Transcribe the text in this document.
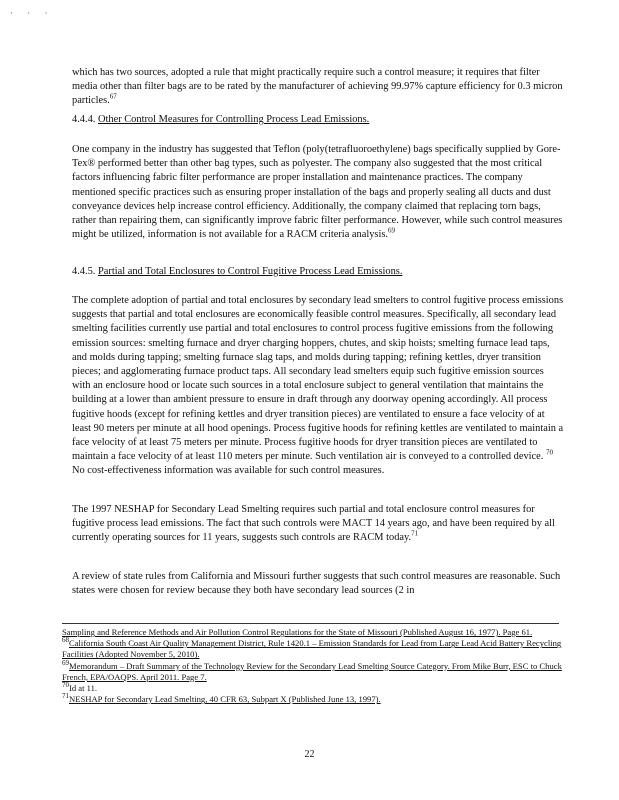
· · ·

which has two sources, adopted a rule that might practically require such a control measure; it requires that filter media other than filter bags are to be rated by the manufacturer of achieving 99.97% capture efficiency for 0.3 micron particles.$^{67}$

4.4.4. Other Control Measures for Controlling Process Lead Emissions.

One company in the industry has suggested that Teflon (poly(tetrafluoroethylene) bags specifically supplied by Gore-Tex® performed better than other bag types, such as polyester. The company also suggested that the most critical factors influencing fabric filter performance are proper installation and maintenance practices. The company mentioned specific practices such as ensuring proper installation of the bags and properly sealing all ducts and dust conveyance devices help increase control efficiency. Additionally, the company claimed that replacing torn bags, rather than repairing them, can significantly improve fabric filter performance. However, while such control measures might be utilized, information is not available for a RACM criteria analysis.$^{69}$

4.4.5. Partial and Total Enclosures to Control Fugitive Process Lead Emissions.

The complete adoption of partial and total enclosures by secondary lead smelters to control fugitive process emissions suggests that partial and total enclosures are economically feasible control measures. Specifically, all secondary lead smelting facilities currently use partial and total enclosures to control process fugitive emissions from the following emission sources: smelting furnace and dryer charging hoppers, chutes, and skip hoists; smelting furnace lead taps, and molds during tapping; smelting furnace slag taps, and molds during tapping; refining kettles, dryer transition pieces; and agglomerating furnace product taps. All secondary lead smelters equip such fugitive emission sources with an enclosure hood or locate such sources in a total enclosure subject to general ventilation that maintains the building at a lower than ambient pressure to ensure in draft through any doorway opening accordingly. All process fugitive hoods (except for refining kettles and dryer transition pieces) are ventilated to ensure a face velocity of at least 90 meters per minute at all hood openings. Process fugitive hoods for refining kettles are ventilated to maintain a face velocity of at least 75 meters per minute. Process fugitive hoods for dryer transition pieces are ventilated to maintain a face velocity of at least 110 meters per minute. Such ventilation air is conveyed to a controlled device. $^{70}$ No cost-effectiveness information was available for such control measures.

The 1997 NESHAP for Secondary Lead Smelting requires such partial and total enclosure control measures for fugitive process lead emissions. The fact that such controls were MACT 14 years ago, and have been required by all currently operating sources for 11 years, suggests such controls are RACM today.$^{71}$

A review of state rules from California and Missouri further suggests that such control measures are reasonable. Such states were chosen for review because they both have secondary lead sources (2 in

Sampling and Reference Methods and Air Pollution Control Regulations for the State of Missouri (Published August 16, 1977). Page 61.

$^{68}$California South Coast Air Quality Management District, Rule 1420.1 – Emission Standards for Lead from Large Lead Acid Battery Recycling Facilities (Adopted November 5, 2010).

$^{69}$Memorandum – Draft Summary of the Technology Review for the Secondary Lead Smelting Source Category. From Mike Burr, ESC to Chuck French, EPA/OAQPS. April 2011. Page 7.

$^{70}$Id at 11.

$^{71}$NESHAP for Secondary Lead Smelting, 40 CFR 63, Subpart X (Published June 13, 1997).

22
